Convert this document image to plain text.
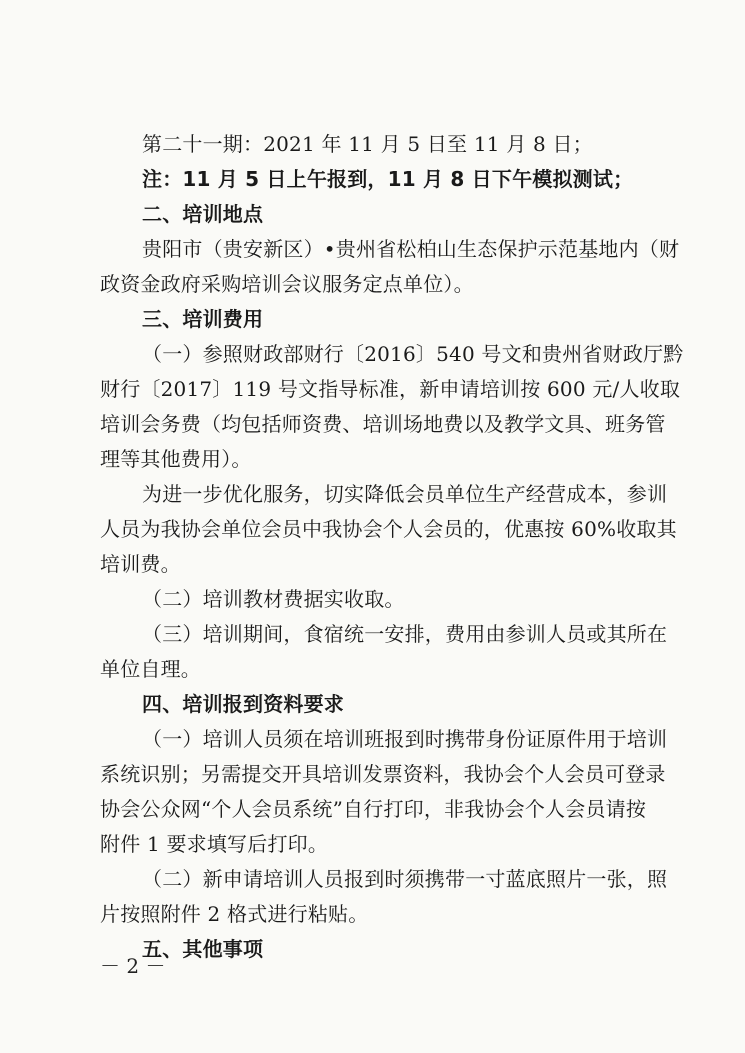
第二十一期：2021 年 11 月 5 日至 11 月 8 日；
注：11 月 5 日上午报到，11 月 8 日下午模拟测试；
二、培训地点
贵阳市（贵安新区）•贵州省松柏山生态保护示范基地内（财
政资金政府采购培训会议服务定点单位）。
三、培训费用
（一）参照财政部财行〔2016〕540 号文和贵州省财政厅黔
财行〔2017〕119 号文指导标准，新申请培训按 600 元/人收取
培训会务费（均包括师资费、培训场地费以及教学文具、班务管
理等其他费用）。
为进一步优化服务，切实降低会员单位生产经营成本，参训
人员为我协会单位会员中我协会个人会员的，优惠按 60%收取其
培训费。
（二）培训教材费据实收取。
（三）培训期间，食宿统一安排，费用由参训人员或其所在
单位自理。
四、培训报到资料要求
（一）培训人员须在培训班报到时携带身份证原件用于培训
系统识别；另需提交开具培训发票资料，我协会个人会员可登录
协会公众网“个人会员系统”自行打印，非我协会个人会员请按
附件 1 要求填写后打印。
（二）新申请培训人员报到时须携带一寸蓝底照片一张，照
片按照附件 2 格式进行粘贴。
五、其他事项
－ 2 －
